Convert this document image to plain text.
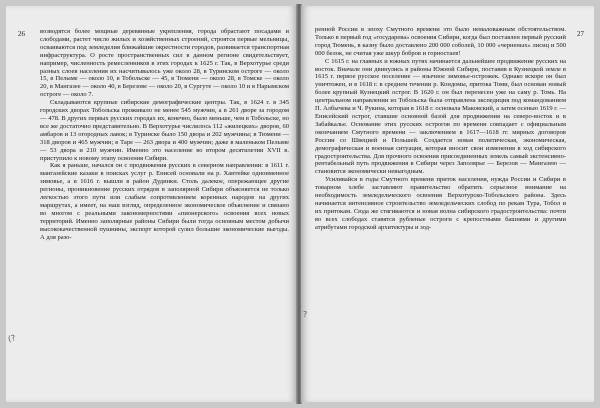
26 возводятся более мощные деревянные укрепления, города обрастают посадами и слободами, растет число жилых и хозяйственных строений, строятся первые мельницы, осваиваются под земледелия ближайшие окрестности городов, развивается транспортная инфраструктура. О росте пространственных сил в данном регионе свидетельствует, например, численность ремесленников в этих городах к 1625 г. Так, в Верхотурье среди разных слоев населения их насчитывалось уже около 28, в Туринском остроге — около 15, в Пелыме — около 10, в Тобольске — 45, в Тюмени — около 28, в Томске — около 20, в Мангазее — около 40, в Березове — около 20, в Сургуте — около 10 и в Нарымском остроге — около 7.

Складываются крупные сибирские демографические центры. Так, в 1624 г. в 345 городских дворах Тобольска проживало не менее 545 мужчин, а в 261 дворе за городом — 478. В других первых русских городах их, конечно, было меньше, чем в Тобольске, но все же достаточно представительно. В Верхотурье числилось 112 «жилецких» дворов, 60 амбаров и 13 огородных лавок; в Туринске было 150 двора и 202 мужчины; в Тюмени — 318 дворов и 465 мужчин; в Таре — 263 двора и 400 мужчин; даже в маленьком Пелыме — 53 двора и 210 мужчин. Именно это население во втором десятилетии XVII в. приступило к новому этапу освоения Сибири.

Как я раньше, начался он с продвижения русских в северном направлении: в 1611 г. мангазейские казаки в поисках услуг р. Енисей основали на р. Хантейке одноименное зимовье, а в 1616 г. вышли в район Дудинки. Столь далекое, опережающее другие регионы, проникновение русских отрядов в заполярной Сибири объясняется не только легкостью этого пути или слабым сопротивлением коренных народов на других маршрутах, а имеет, на наш взгляд, определенное экономическое объяснение и связано во многом с реальными закономерностями «пионерского» освоения всех новых территорий. Именно заполярные районы Сибири были тогда основным местом добычи высококачественной пушнины, экспорт которой сулил большие экономические выгоды. А для разо-

(?
27

ренной России в эпоху Смутного времени это было немаловажным обстоятельством. Только в первый год «государева» освоения Сибири, когда был поставлен первый русский город Тюмень, в казну было доставлено 200 000 соболей, 10 000 «черненых» лисиц и 500 000 белок, не считая уже шкур бобров и горностаев!

С 1615 г. на главных и южных путях начинается дальнейшее продвижение русских на восток. Вначале они двинулись в районы Южной Сибири, поставив в Кузнецкой земле в 1615 г. первое русское поселение — язычное зимовье-острожек. Однако вскоре он был уничтожен, и в 1618 г. в среднем течении р. Кондомы, притока Томи, был основан новый более крупный Кузнецкий острог. В 1620 г. он был перенесен уже на саму р. Томь. На центральном направлении из Тобольска была отправлена экспедиция под командованием П. Албычева и Ч. Рукина, которая в 1618 г. основала Маковский, а затем осенью 1619 г. — Енисейский острог, ставшие основной базой для продвижения на северо-восток и в Забайкалье. Основание этих русских острогов по времени совпадает с официальным окончанием Смутного времени — заключением в 1617—1618 гг. мирных договоров России со Швецией и Польшей. Создается новая политическая, экономическая, демографическая и военная ситуация, которая вносит свои изменения в ход сибирского градостроительства. Для прочного освоения присоединенных земель самый экстенсивно-рентабельный путь продвижения в Сибири через Заполярье — Березов — Мангазею — становится экономически невыгодным.

Усиливайся в годы Смутного времени приток населения, нужда России и Сибири в товарном хлебе заставляют правительство обратить серьезное внимание на необходимость земледельческого освоения Верхотурско-Тобольского района. Здесь начинается интенсивное строительство земледельческих слобод по рекам Тура, Тобол и их притокам. Сюда же стягиваются и новая волна сибирского градостроительства: почти во всех слободах ставятся рубленые остроги с крепостными башнями и другими атрибутами городской архитектуры и зод-

?
